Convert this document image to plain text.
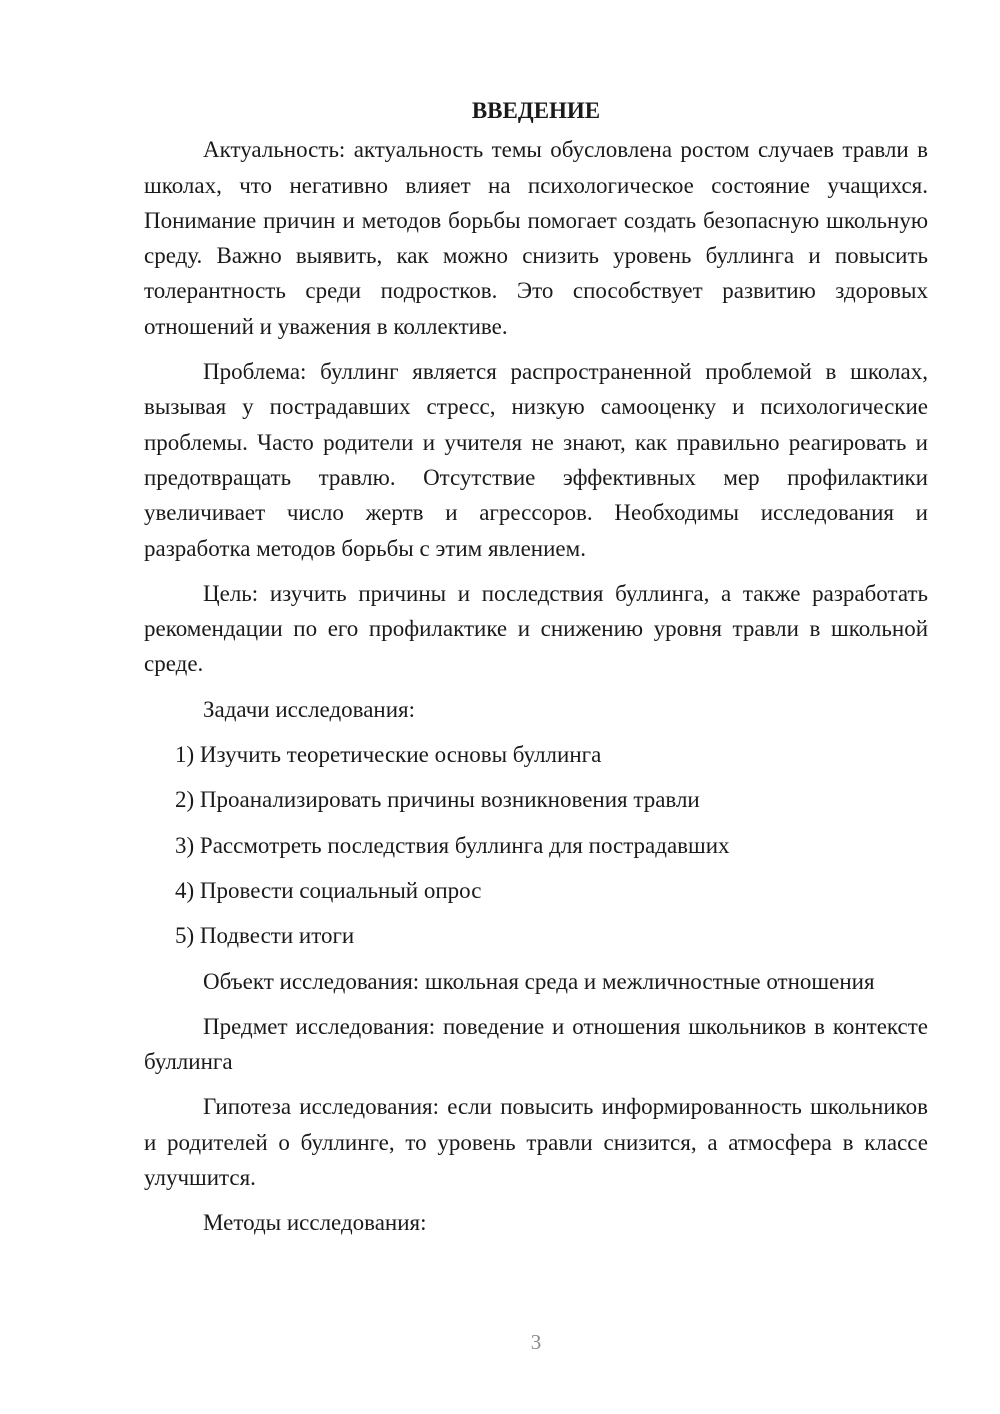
ВВЕДЕНИЕ

Актуальность: актуальность темы обусловлена ростом случаев травли в школах, что негативно влияет на психологическое состояние учащихся. Понимание причин и методов борьбы помогает создать безопасную школьную среду. Важно выявить, как можно снизить уровень буллинга и повысить толерантность среди подростков. Это способствует развитию здоровых отношений и уважения в коллективе.

Проблема: буллинг является распространенной проблемой в школах, вызывая у пострадавших стресс, низкую самооценку и психологические проблемы. Часто родители и учителя не знают, как правильно реагировать и предотвращать травлю. Отсутствие эффективных мер профилактики увеличивает число жертв и агрессоров. Необходимы исследования и разработка методов борьбы с этим явлением.

Цель: изучить причины и последствия буллинга, а также разработать рекомендации по его профилактике и снижению уровня травли в школьной среде.

Задачи исследования:

1) Изучить теоретические основы буллинга
2) Проанализировать причины возникновения травли
3) Рассмотреть последствия буллинга для пострадавших
4) Провести социальный опрос
5) Подвести итоги

Объект исследования: школьная среда и межличностные отношения

Предмет исследования: поведение и отношения школьников в контексте буллинга

Гипотеза исследования: если повысить информированность школьников и родителей о буллинге, то уровень травли снизится, а атмосфера в классе улучшится.

Методы исследования:

3
